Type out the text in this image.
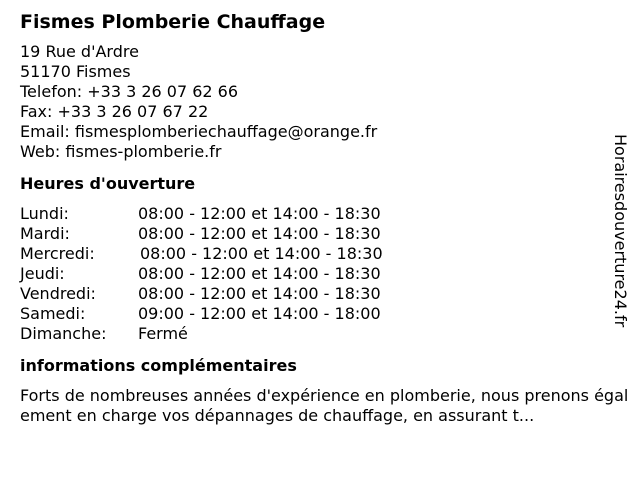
Fismes Plomberie Chauffage
19 Rue d'Ardre
51170 Fismes
Telefon: +33 3 26 07 62 66
Fax: +33 3 26 07 67 22
Email: fismesplomberiechauffage@orange.fr
Web: fismes-plomberie.fr
Heures d'ouverture
Lundi:	08:00 - 12:00 et 14:00 - 18:30
Mardi:	08:00 - 12:00 et 14:00 - 18:30
Mercredi:	08:00 - 12:00 et 14:00 - 18:30
Jeudi:	08:00 - 12:00 et 14:00 - 18:30
Vendredi:	08:00 - 12:00 et 14:00 - 18:30
Samedi:	09:00 - 12:00 et 14:00 - 18:00
Dimanche:	Fermé
informations complémentaires
Forts de nombreuses années d'expérience en plomberie, nous prenons également en charge vos dépannages de chauffage, en assurant t...
Horairesdouverture24.fr
